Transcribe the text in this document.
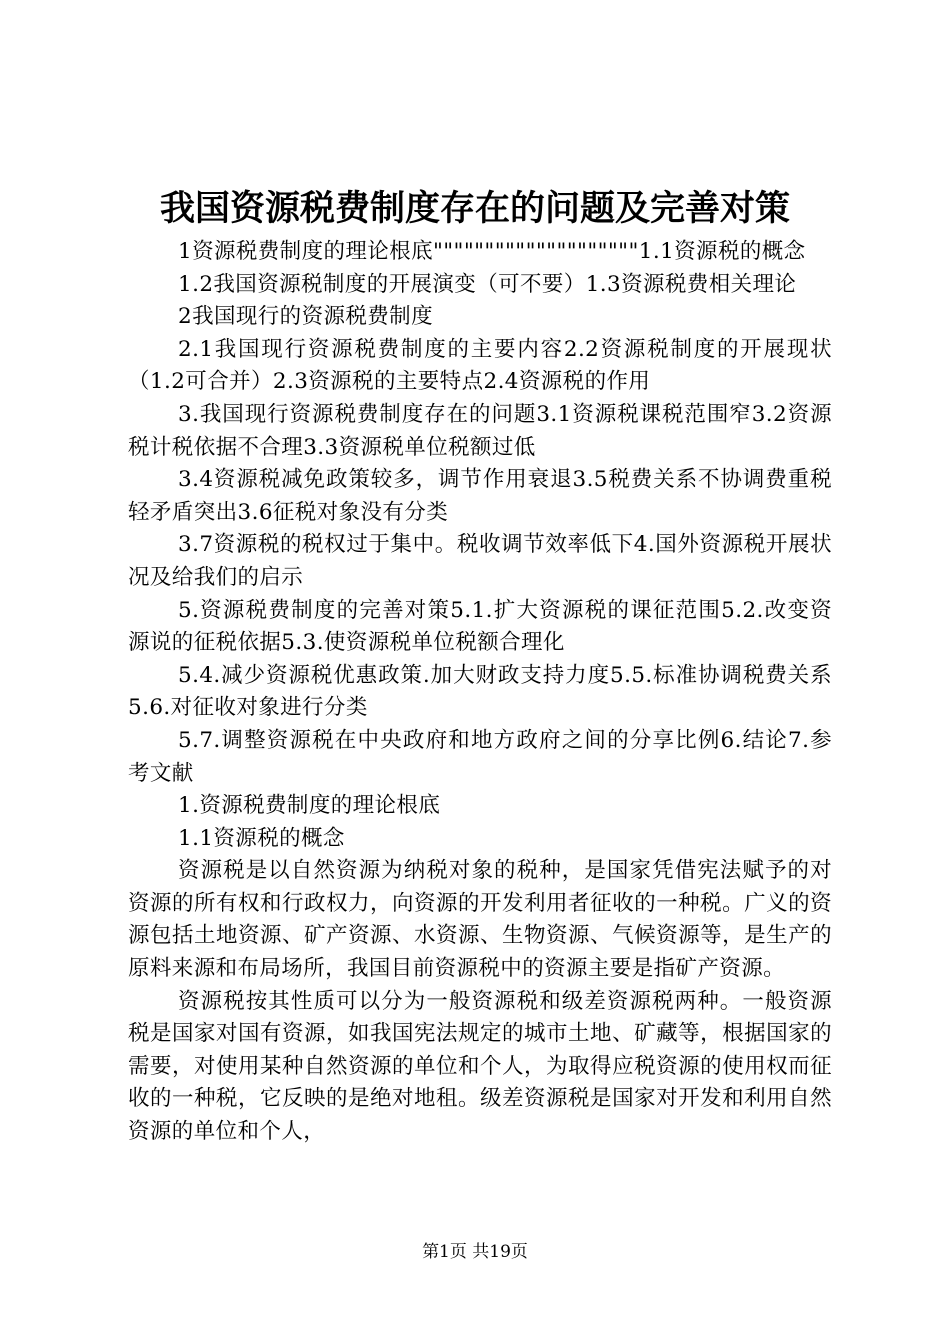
我国资源税费制度存在的问题及完善对策

1资源税费制度的理论根底""""""""""""""""""""1.1资源税的概念

1.2我国资源税制度的开展演变（可不要）1.3资源税费相关理论

2我国现行的资源税费制度

2.1我国现行资源税费制度的主要内容2.2资源税制度的开展现状（1.2可合并）2.3资源税的主要特点2.4资源税的作用

3.我国现行资源税费制度存在的问题3.1资源税课税范围窄3.2资源税计税依据不合理3.3资源税单位税额过低

3.4资源税减免政策较多，调节作用衰退3.5税费关系不协调费重税轻矛盾突出3.6征税对象没有分类

3.7资源税的税权过于集中。税收调节效率低下4.国外资源税开展状况及给我们的启示

5.资源税费制度的完善对策5.1.扩大资源税的课征范围5.2.改变资源说的征税依据5.3.使资源税单位税额合理化

5.4.减少资源税优惠政策.加大财政支持力度5.5.标准协调税费关系5.6.对征收对象进行分类

5.7.调整资源税在中央政府和地方政府之间的分享比例6.结论7.参考文献

1.资源税费制度的理论根底

1.1资源税的概念

资源税是以自然资源为纳税对象的税种，是国家凭借宪法赋予的对资源的所有权和行政权力，向资源的开发利用者征收的一种税。广义的资源包括土地资源、矿产资源、水资源、生物资源、气候资源等，是生产的原料来源和布局场所，我国目前资源税中的资源主要是指矿产资源。

资源税按其性质可以分为一般资源税和级差资源税两种。一般资源税是国家对国有资源，如我国宪法规定的城市土地、矿藏等，根据国家的需要，对使用某种自然资源的单位和个人，为取得应税资源的使用权而征收的一种税，它反映的是绝对地租。级差资源税是国家对开发和利用自然资源的单位和个人，

第1页 共19页
